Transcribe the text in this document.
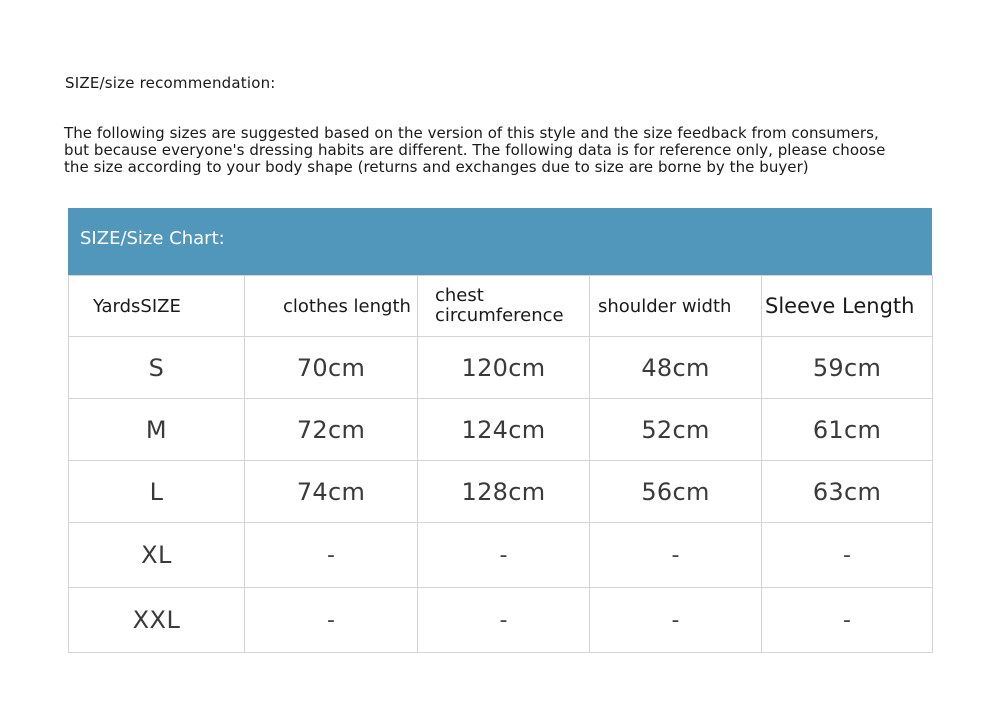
SIZE/size recommendation:
The following sizes are suggested based on the version of this style and the size feedback from consumers,
but because everyone's dressing habits are different. The following data is for reference only, please choose
the size according to your body shape (returns and exchanges due to size are borne by the buyer)
SIZE/Size Chart:
YardsSIZE	clothes length	chest circumference	shoulder width	Sleeve Length
S	70cm	120cm	48cm	59cm
M	72cm	124cm	52cm	61cm
L	74cm	128cm	56cm	63cm
XL	-	-	-	-
XXL	-	-	-	-
